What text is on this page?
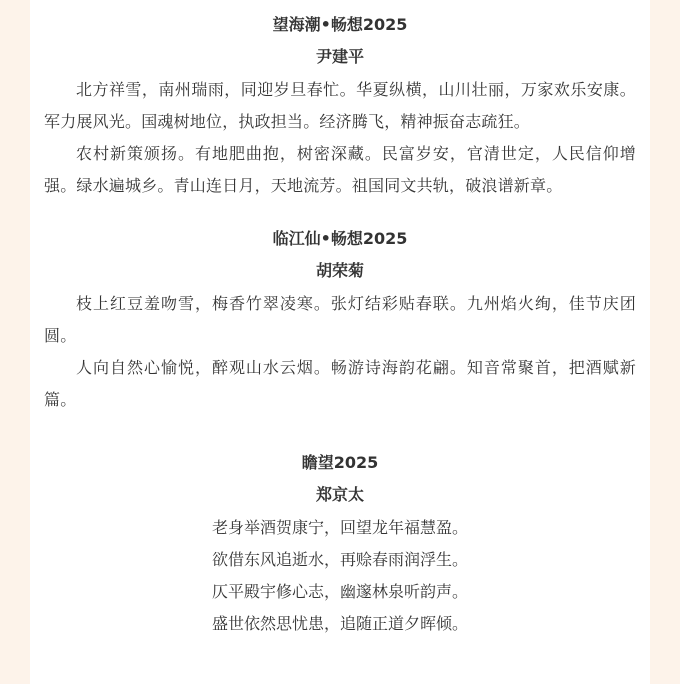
望海潮•畅想2025
尹建平

北方祥雪，南州瑞雨，同迎岁旦春忙。华夏纵横，山川壮丽，万家欢乐安康。军力展风光。国魂树地位，执政担当。经济腾飞，精神振奋志疏狂。

农村新策颁扬。有地肥曲抱，树密深藏。民富岁安，官清世定，人民信仰增强。绿水遍城乡。青山连日月，天地流芳。祖国同文共轨，破浪谱新章。

临江仙•畅想2025
胡荣菊

枝上红豆羞吻雪，梅香竹翠凌寒。张灯结彩贴春联。九州焰火绚，佳节庆团圆。

人向自然心愉悦，醉观山水云烟。畅游诗海韵花翩。知音常聚首，把酒赋新篇。

瞻望2025
郑京太

老身举酒贺康宁，回望龙年福慧盈。

欲借东风追逝水，再赊春雨润浮生。

仄平殿宇修心志，幽邃林泉听韵声。

盛世依然思忧患，追随正道夕晖倾。
